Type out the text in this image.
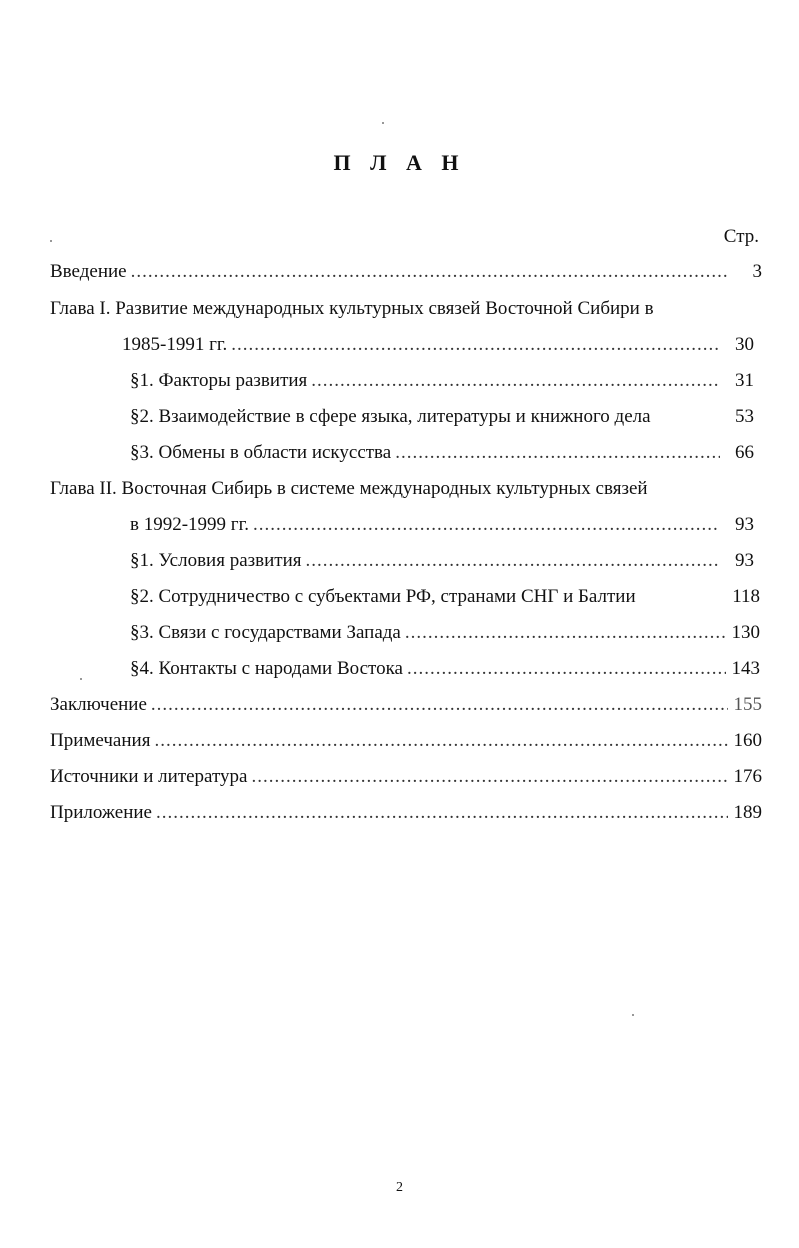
П Л А Н
Стр.
Введение .....	3
Глава I. Развитие международных культурных связей Восточной Сибири в
1985-1991 гг. .....	30
§1. Факторы развития .....	31
§2. Взаимодействие в сфере языка, литературы и книжного дела	53
§3. Обмены в области искусства .....	66
Глава II. Восточная Сибирь в системе международных культурных связей
в 1992-1999 гг. .....	93
§1. Условия развития .....	93
§2. Сотрудничество с субъектами РФ, странами СНГ и Балтии	118
§3. Связи с государствами Запада .....	130
§4. Контакты с народами Востока .....	143
Заключение .....	155
Примечания .....	160
Источники и литература .....	176
Приложение .....	189
2
